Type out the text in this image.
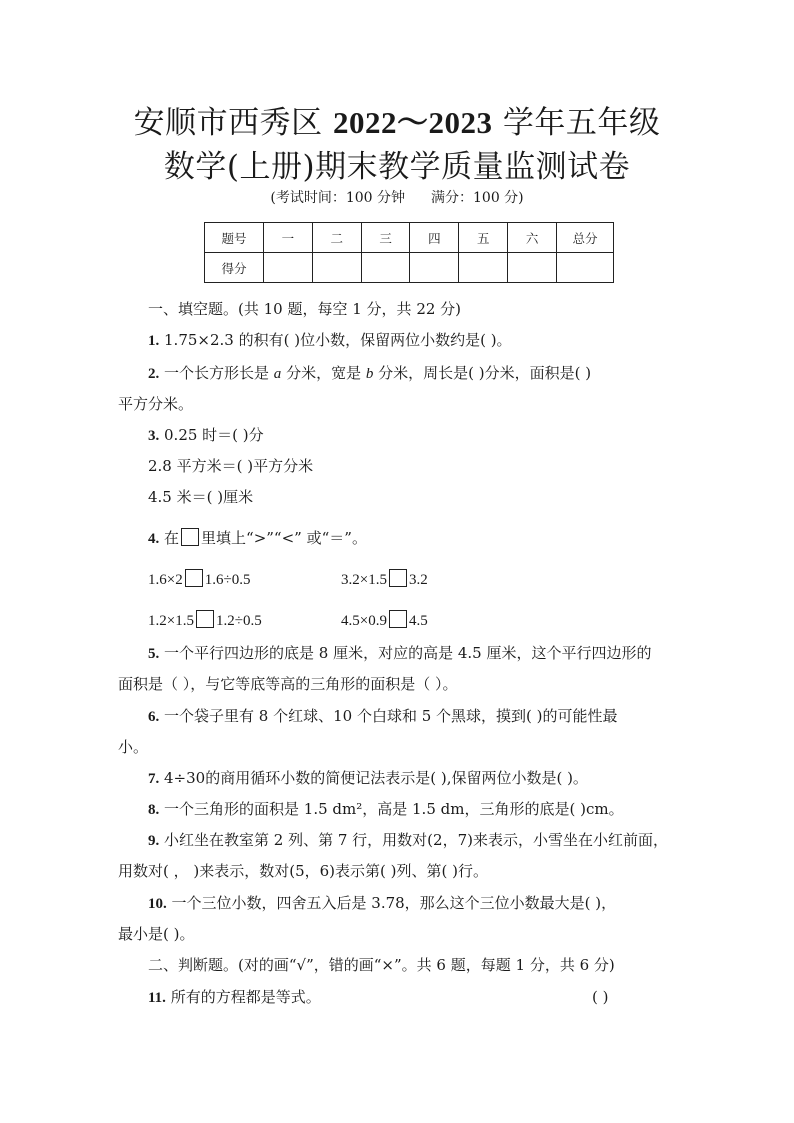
安顺市西秀区 2022～2023 学年五年级
数学(上册)期末教学质量监测试卷
(考试时间：100 分钟 满分：100 分)
题号	一	二	三	四	五	六	总分
得分							
一、填空题。(共 10 题，每空 1 分，共 22 分)
1. 1.75×2.3 的积有( )位小数，保留两位小数约是( )。
2. 一个长方形长是 a 分米，宽是 b 分米，周长是( )分米，面积是( )
平方分米。
3. 0.25 时＝( )分
2.8 平方米＝( )平方分米
4.5 米＝( )厘米
4. 在 里填上“>”“<” 或“＝”。
1.6×2 1.6÷0.5	3.2×1.5 3.2
1.2×1.5 1.2÷0.5	4.5×0.9 4.5
5. 一个平行四边形的底是 8 厘米，对应的高是 4.5 厘米，这个平行四边形的
面积是（ ），与它等底等高的三角形的面积是（ ）。
6. 一个袋子里有 8 个红球、10 个白球和 5 个黑球，摸到( )的可能性最
小。
7. 4÷30的商用循环小数的简便记法表示是( ),保留两位小数是( )。
8. 一个三角形的面积是 1.5 dm²，高是 1.5 dm，三角形的底是( )cm。
9. 小红坐在教室第 2 列、第 7 行，用数对(2，7)来表示，小雪坐在小红前面，
用数对( ， )来表示，数对(5，6)表示第( )列、第( )行。
10. 一个三位小数，四舍五入后是 3.78，那么这个三位小数最大是( )，
最小是( )。
二、判断题。(对的画“√”，错的画“×”。共 6 题，每题 1 分，共 6 分)
11. 所有的方程都是等式。	( )
